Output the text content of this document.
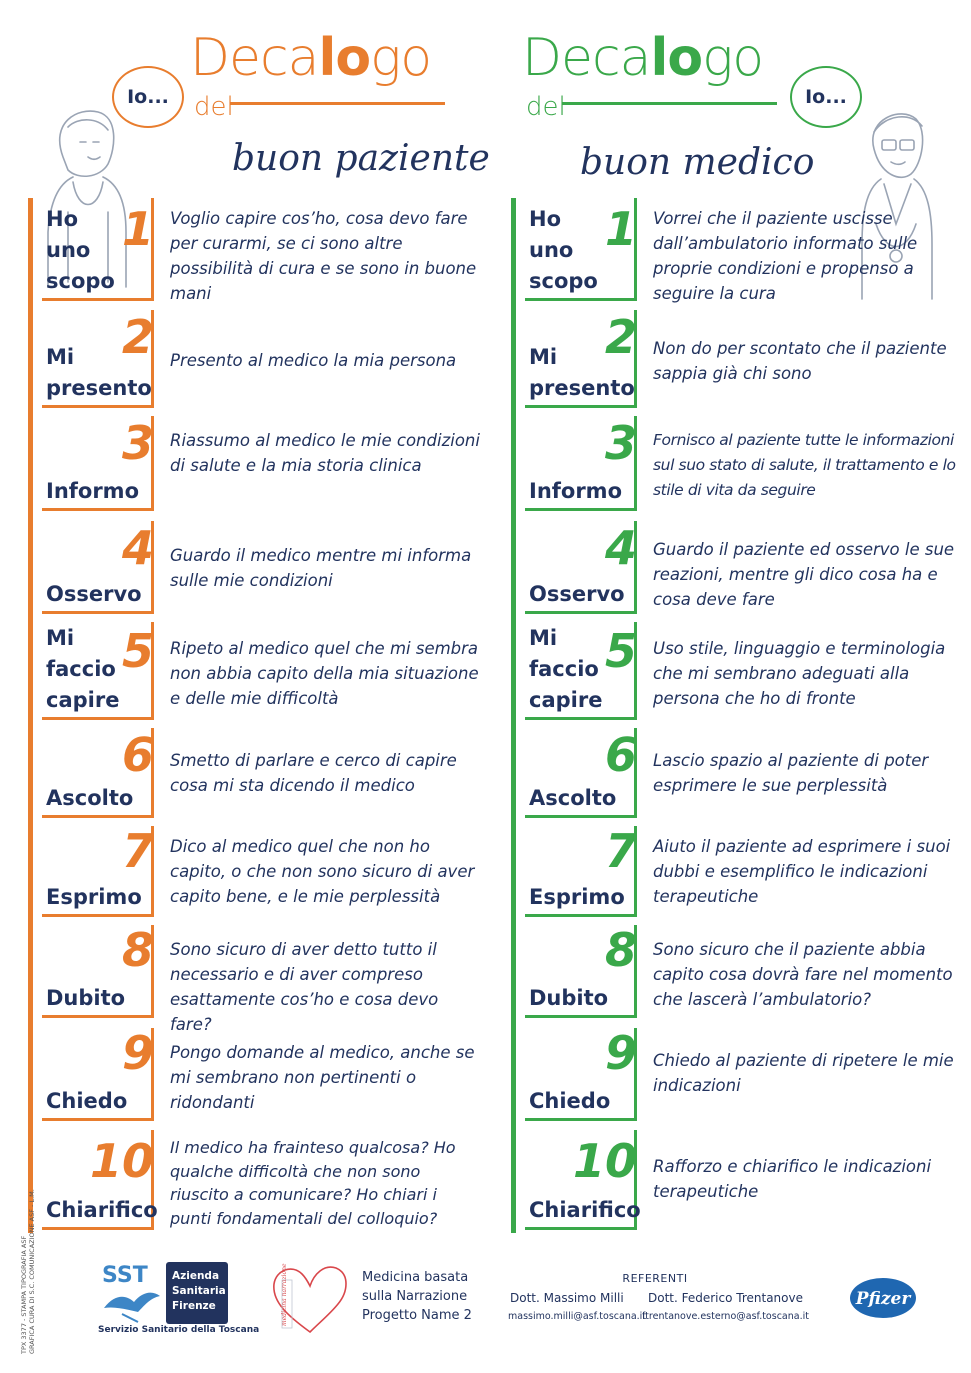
Decalogo
del
buon paziente
Decalogo
del
buon medico
Io...	Io...
Ho
uno
scopo
1 Voglio capire cos’ho, cosa devo fare per curarmi, se ci sono altre possibilità di cura e se sono in buone mani
Mi
presento
2 Presento al medico la mia persona
Informo
3 Riassumo al medico le mie condizioni di salute e la mia storia clinica
Osservo
4 Guardo il medico mentre mi informa sulle mie condizioni
Mi
faccio
capire
5 Ripeto al medico quel che mi sembra non abbia capito della mia situazione e delle mie difficoltà
Ascolto
6 Smetto di parlare e cerco di capire cosa mi sta dicendo il medico
Esprimo
7 Dico al medico quel che non ho capito, o che non sono sicuro di aver capito bene, e le mie perplessità
Dubito
8 Sono sicuro di aver detto tutto il necessario e di aver compreso esattamente cos’ho e cosa devo fare?
Chiedo
9 Pongo domande al medico, anche se mi sembrano non pertinenti o ridondanti
Chiarifico
10 Il medico ha frainteso qualcosa? Ho qualche difficoltà che non sono riuscito a comunicare? Ho chiari i punti fondamentali del colloquio?
Ho
uno
scopo
1 Vorrei che il paziente uscisse dall’ambulatorio informato sulle proprie condizioni e propenso a seguire la cura
Mi
presento
2 Non do per scontato che il paziente sappia già chi sono
Informo
3 Fornisco al paziente tutte le informazioni sul suo stato di salute, il trattamento e lo stile di vita da seguire
Osservo
4 Guardo il paziente ed osservo le sue reazioni, mentre gli dico cosa ha e cosa deve fare
Mi
faccio
capire
5 Uso stile, linguaggio e terminologia che mi sembrano adeguati alla persona che ho di fronte
Ascolto
6 Lascio spazio al paziente di poter esprimere le sue perplessità
Esprimo
7 Aiuto il paziente ad esprimere i suoi dubbi e esemplifico le indicazioni terapeutiche
Dubito
8 Sono sicuro che il paziente abbia capito cosa dovrà fare nel momento che lascerà l’ambulatorio?
Chiedo
9 Chiedo al paziente di ripetere le mie indicazioni
Chiarifico
10 Rafforzo e chiarifico le indicazioni terapeutiche
TPX 3377 - STAMPA TIPOGRAFIA ASF GRAFICA CURA DI S.C. COMUNICAZIONE ASF - L.M.	SST Azienda
Sanitaria
Firenze
Servizio Sanitario della Toscana
medicina narrazione	Medicina basata
sulla Narrazione
Progetto Name 2
REFERENTI
Dott. Massimo Milli Dott. Federico Trentanove
massimo.milli@asf.toscana.it
ftrentanove.esterno@asf.toscana.it
Pfizer
